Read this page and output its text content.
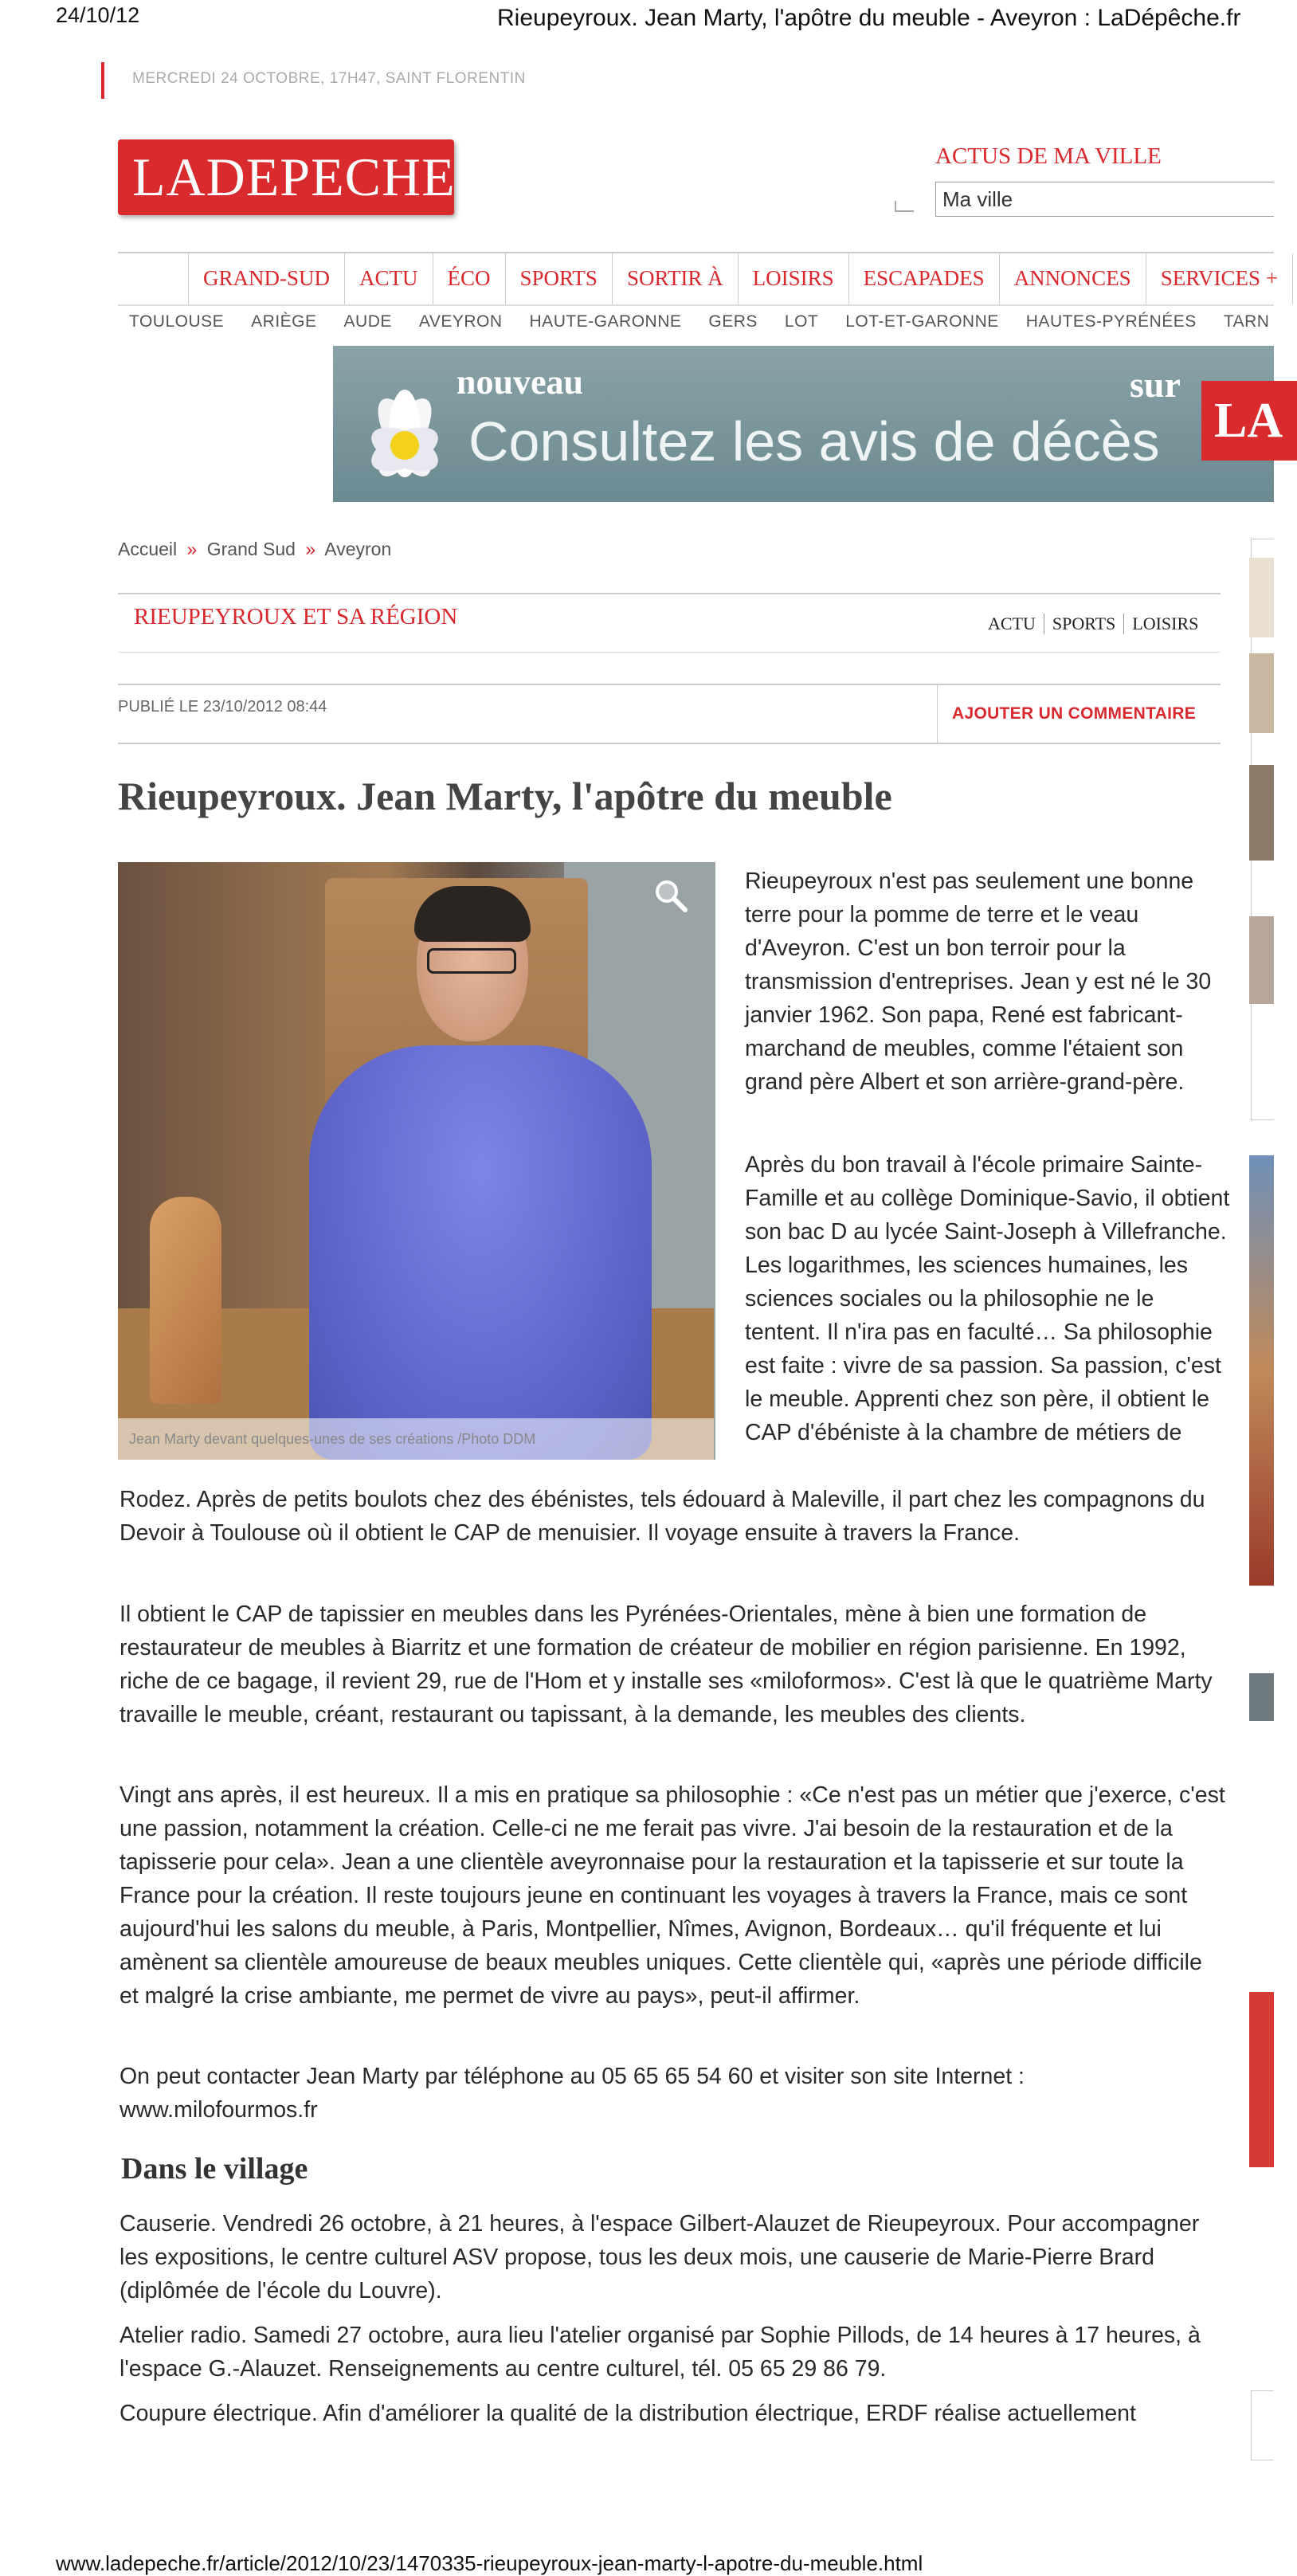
24/10/12	Rieupeyroux. Jean Marty, l'apôtre du meuble - Aveyron : LaDépêche.fr
MERCREDI 24 OCTOBRE, 17H47, SAINT FLORENTIN
LADEPECHE . fr	ACTUS DE MA VILLE
Ma ville
GRAND-SUD	ACTU	ÉCO	SPORTS	SORTIR À	LOISIRS	ESCAPADES	ANNONCES	SERVICES +
TOULOUSE ARIÈGE AUDE AVEYRON HAUTE-GARONNE GERS LOT LOT-ET-GARONNE HAUTES-PYRÉNÉES TARN
nouveau
Consultez les avis de décès
sur
LA
Accueil » Grand Sud » Aveyron
RIEUPEYROUX ET SA RÉGION	ACTU SPORTS LOISIRS
PUBLIÉ LE 23/10/2012 08:44	AJOUTER UN COMMENTAIRE
Rieupeyroux. Jean Marty, l'apôtre du meuble
Jean Marty devant quelques-unes de ses créations /Photo DDM

Rieupeyroux n'est pas seulement une bonne terre pour la pomme de terre et le veau d'Aveyron. C'est un bon terroir pour la transmission d'entreprises. Jean y est né le 30 janvier 1962. Son papa, René est fabricant-marchand de meubles, comme l'étaient son grand père Albert et son arrière-grand-père.

Après du bon travail à l'école primaire Sainte-Famille et au collège Dominique-Savio, il obtient son bac D au lycée Saint-Joseph à Villefranche. Les logarithmes, les sciences humaines, les sciences sociales ou la philosophie ne le tentent. Il n'ira pas en faculté… Sa philosophie est faite : vivre de sa passion. Sa passion, c'est le meuble. Apprenti chez son père, il obtient le CAP d'ébéniste à la chambre de métiers de

Rodez. Après de petits boulots chez des ébénistes, tels édouard à Maleville, il part chez les compagnons du Devoir à Toulouse où il obtient le CAP de menuisier. Il voyage ensuite à travers la France.

Il obtient le CAP de tapissier en meubles dans les Pyrénées-Orientales, mène à bien une formation de restaurateur de meubles à Biarritz et une formation de créateur de mobilier en région parisienne. En 1992, riche de ce bagage, il revient 29, rue de l'Hom et y installe ses «miloformos». C'est là que le quatrième Marty travaille le meuble, créant, restaurant ou tapissant, à la demande, les meubles des clients.

Vingt ans après, il est heureux. Il a mis en pratique sa philosophie : «Ce n'est pas un métier que j'exerce, c'est une passion, notamment la création. Celle-ci ne me ferait pas vivre. J'ai besoin de la restauration et de la tapisserie pour cela». Jean a une clientèle aveyronnaise pour la restauration et la tapisserie et sur toute la France pour la création. Il reste toujours jeune en continuant les voyages à travers la France, mais ce sont aujourd'hui les salons du meuble, à Paris, Montpellier, Nîmes, Avignon, Bordeaux… qu'il fréquente et lui amènent sa clientèle amoureuse de beaux meubles uniques. Cette clientèle qui, «après une période difficile et malgré la crise ambiante, me permet de vivre au pays», peut-il affirmer.

On peut contacter Jean Marty par téléphone au 05 65 65 54 60 et visiter son site Internet : www.milofourmos.fr

Dans le village

Causerie. Vendredi 26 octobre, à 21 heures, à l'espace Gilbert-Alauzet de Rieupeyroux. Pour accompagner les expositions, le centre culturel ASV propose, tous les deux mois, une causerie de Marie-Pierre Brard (diplômée de l'école du Louvre).

Atelier radio. Samedi 27 octobre, aura lieu l'atelier organisé par Sophie Pillods, de 14 heures à 17 heures, à l'espace G.-Alauzet. Renseignements au centre culturel, tél. 05 65 29 86 79.

Coupure électrique. Afin d'améliorer la qualité de la distribution électrique, ERDF réalise actuellement

www.ladepeche.fr/article/2012/10/23/1470335-rieupeyroux-jean-marty-l-apotre-du-meuble.html
